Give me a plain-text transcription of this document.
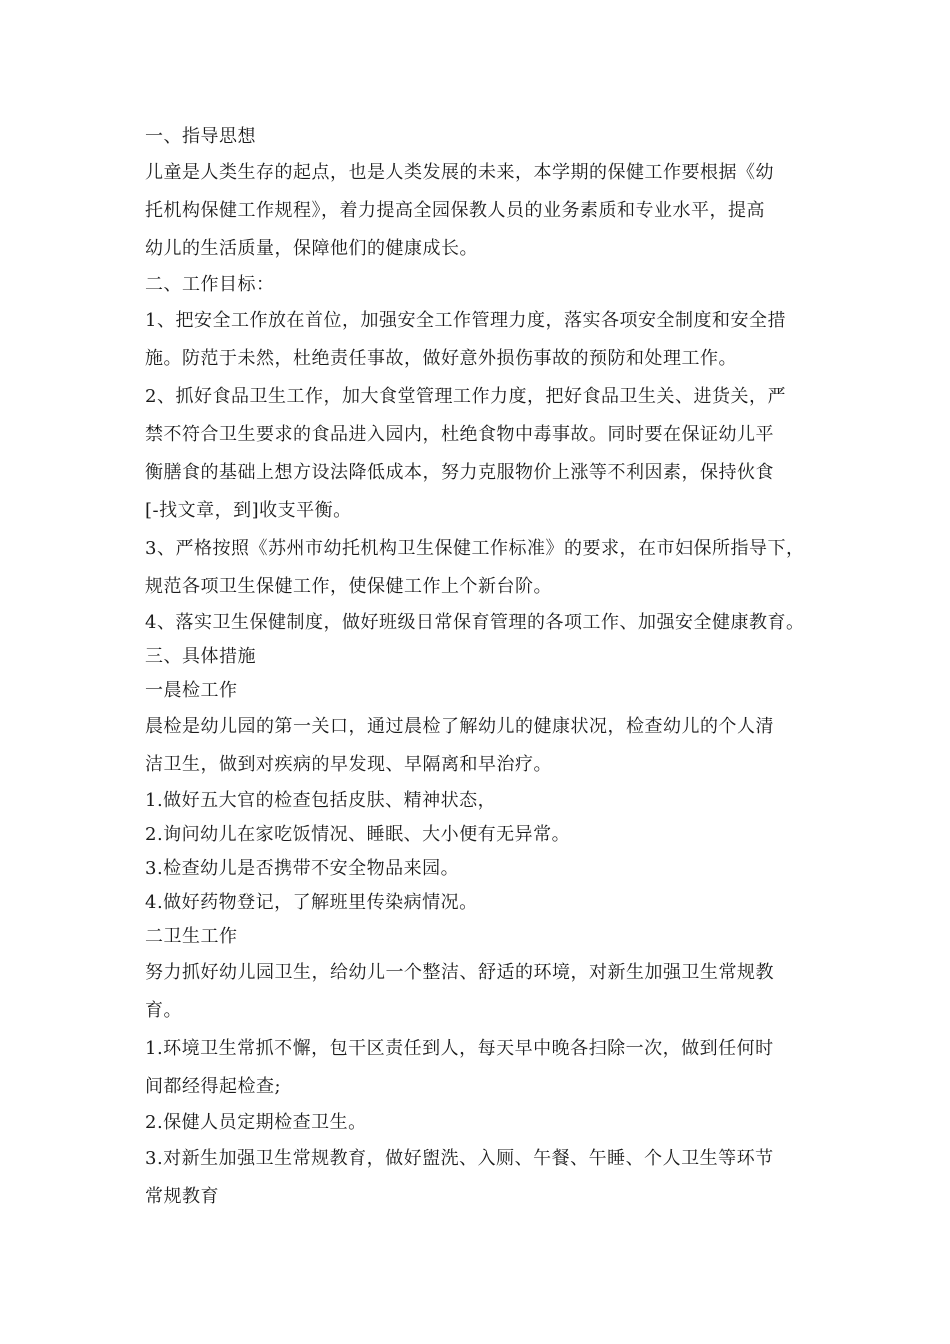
一、指导思想

儿童是人类生存的起点，也是人类发展的未来，本学期的保健工作要根据《幼

托机构保健工作规程》，着力提高全园保教人员的业务素质和专业水平，提高

幼儿的生活质量，保障他们的健康成长。

二、工作目标：

1、把安全工作放在首位，加强安全工作管理力度，落实各项安全制度和安全措

施。防范于未然，杜绝责任事故，做好意外损伤事故的预防和处理工作。

2、抓好食品卫生工作，加大食堂管理工作力度，把好食品卫生关、进货关，严

禁不符合卫生要求的食品进入园内，杜绝食物中毒事故。同时要在保证幼儿平

衡膳食的基础上想方设法降低成本，努力克服物价上涨等不利因素，保持伙食

[-找文章，到]收支平衡。

3、严格按照《苏州市幼托机构卫生保健工作标准》的要求，在市妇保所指导下，

规范各项卫生保健工作，使保健工作上个新台阶。

4、落实卫生保健制度，做好班级日常保育管理的各项工作、加强安全健康教育。

三、具体措施

一晨检工作

晨检是幼儿园的第一关口，通过晨检了解幼儿的健康状况，检查幼儿的个人清

洁卫生，做到对疾病的早发现、早隔离和早治疗。

1.做好五大官的检查包括皮肤、精神状态，

2.询问幼儿在家吃饭情况、睡眠、大小便有无异常。

3.检查幼儿是否携带不安全物品来园。

4.做好药物登记，了解班里传染病情况。

二卫生工作

努力抓好幼儿园卫生，给幼儿一个整洁、舒适的环境，对新生加强卫生常规教

育。

1.环境卫生常抓不懈，包干区责任到人，每天早中晚各扫除一次，做到任何时

间都经得起检查;

2.保健人员定期检查卫生。

3.对新生加强卫生常规教育，做好盥洗、入厕、午餐、午睡、个人卫生等环节

常规教育
